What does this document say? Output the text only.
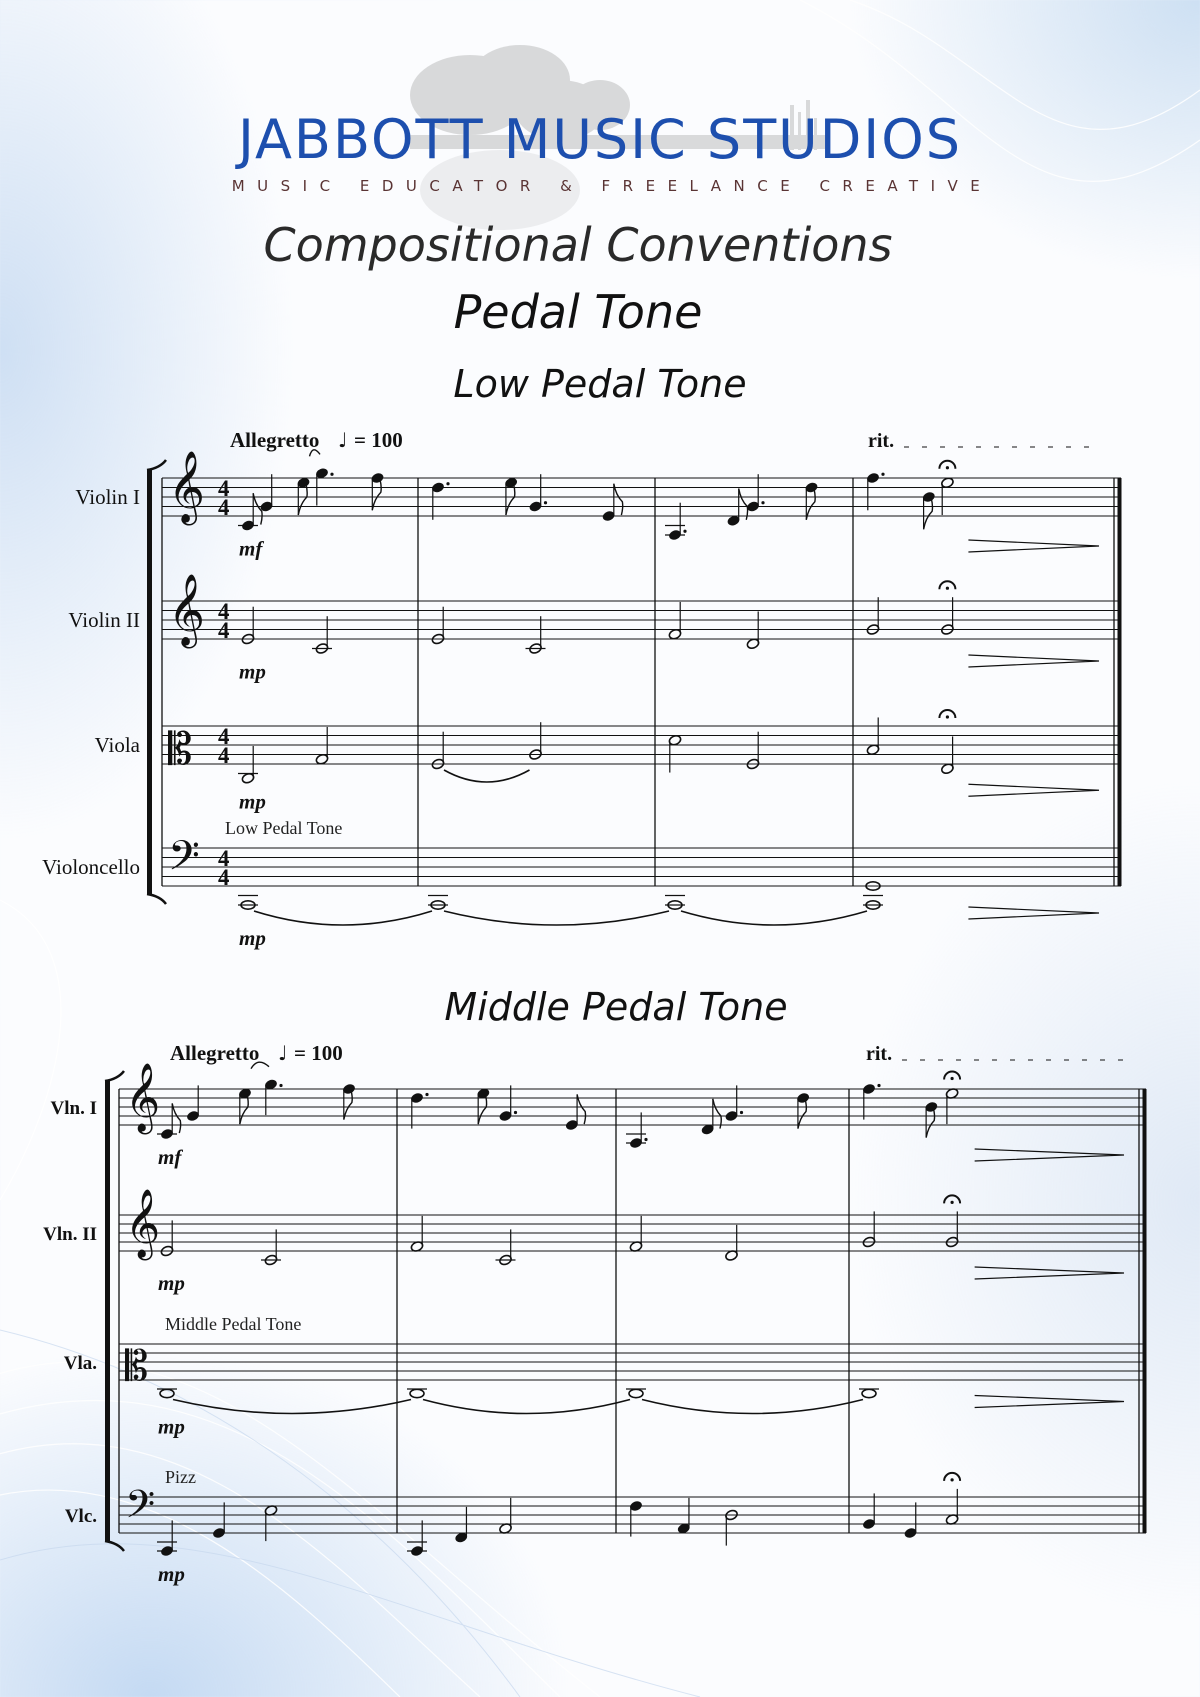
JABBOTT MUSIC STUDIOS
MUSIC EDUCATOR & FREELANCE CREATIVE
Compositional Conventions
Pedal Tone
Low Pedal Tone
Middle Pedal Tone
Allegretto ♩ = 100	rit.
Violin I 𝄞 4
4
mf
Violin II 𝄞 4
4
mp
Viola 𝄡 4
4
mp
Violoncello 𝄢 4
4
Low Pedal Tone
mp
Allegretto ♩ = 100	rit.
Vln. I 𝄞
mf
Vln. II 𝄞
mp
Vla. 𝄡
Middle Pedal Tone
mp
Vlc. 𝄢
Pizz
mp
